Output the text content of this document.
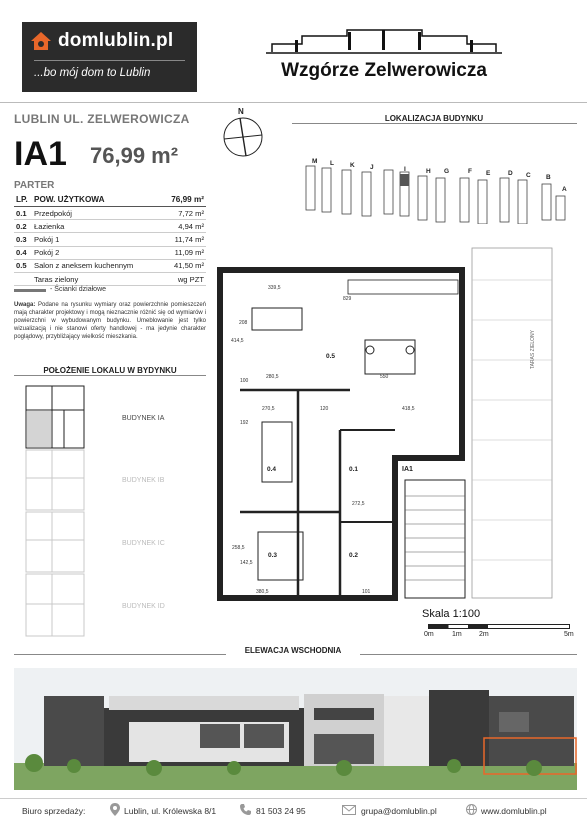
domlublin.pl
...bo mój dom to Lublin	Wzgórze Zelwerowicza
LUBLIN UL. ZELWEROWICZA
IA1 76,99 m²
PARTER
LP.	POW. UŻYTKOWA	76,99 m²
0.1	Przedpokój	7,72 m²
0.2	Łazienka	4,94 m²
0.3	Pokój 1	11,74 m²
0.4	Pokój 2	11,09 m²
0.5	Salon z aneksem kuchennym	41,50 m²
	Taras zielony	wg PZT
- Ścianki działowe
Uwaga: Podane na rysunku wymiary oraz powierzchnie pomieszczeń mają charakter projektowy i mogą nieznacznie różnić się od wymiarów i powierzchni w wybudowanym budynku. Umeblowanie jest tylko wizualizacją i nie stanowi oferty handlowej - ma jedynie charakter poglądowy, przybliżający wielkość mieszkania.
POŁOŻENIE LOKALU W BYDYNKU
BUDYNEK IA
BUDYNEK IB
BUDYNEK IC
BUDYNEK ID
N
LOKALIZACJA BUDYNKU
M L K J	I	H G	F E	D C B
A
0.5
0.4
0.3
0.1
0.2
IA1
TARAS ZIELONY
339,5
829
280,5	550
270,5	120	418,5
272,5
380,5	101
208
414,5
100
192
142,5
258,5
Skala 1:100
0m	1m 2m	5m
ELEWACJA WSCHODNIA
Biuro sprzedaży:	Lublin, ul. Królewska 8/1	81 503 24 95	grupa@domlublin.pl	www.domlublin.pl
